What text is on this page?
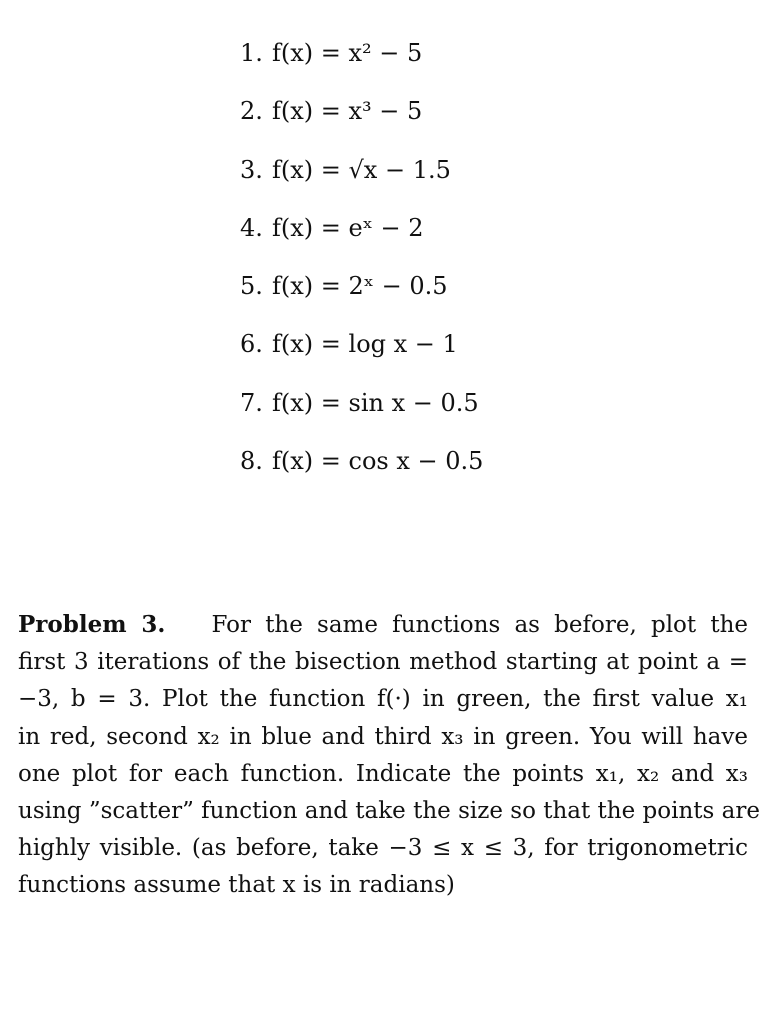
1. f(x) = x² − 5
2. f(x) = x³ − 5
3. f(x) = √x − 1.5
4. f(x) = eˣ − 2
5. f(x) = 2ˣ − 0.5
6. f(x) = log x − 1
7. f(x) = sin x − 0.5
8. f(x) = cos x − 0.5
Problem 3. For the same functions as before, plot the
first 3 iterations of the bisection method starting at point a =
−3, b = 3. Plot the function f(·) in green, the first value x₁
in red, second x₂ in blue and third x₃ in green. You will have
one plot for each function. Indicate the points x₁, x₂ and x₃
using ”scatter” function and take the size so that the points are
highly visible. (as before, take −3 ≤ x ≤ 3, for trigonometric
functions assume that x is in radians)
